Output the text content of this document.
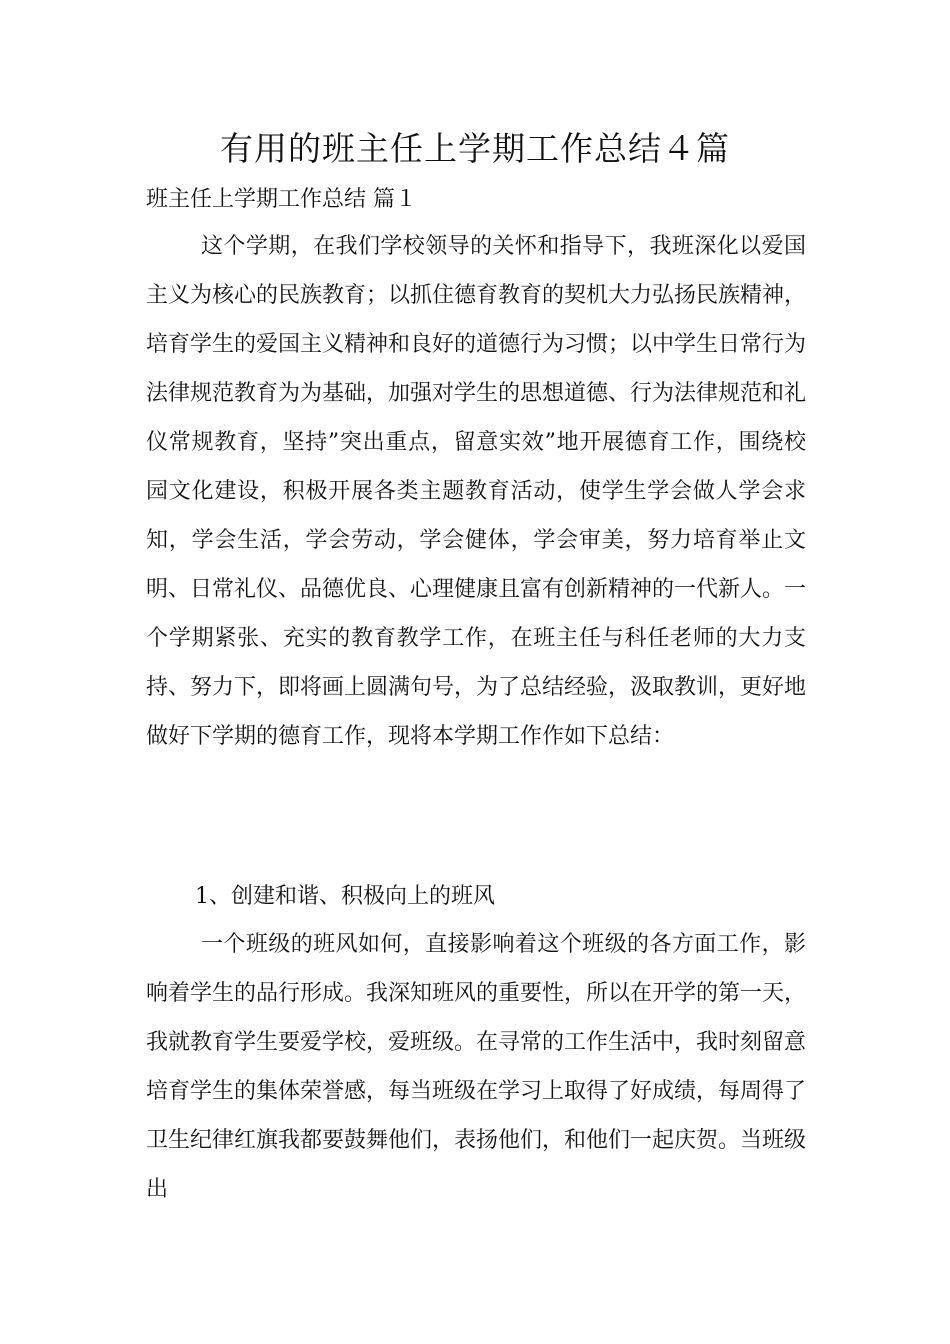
有用的班主任上学期工作总结４篇
班主任上学期工作总结 篇１
这个学期，在我们学校领导的关怀和指导下，我班深化以爱国主义为核心的民族教育；以抓住德育教育的契机大力弘扬民族精神，培育学生的爱国主义精神和良好的道德行为习惯；以中学生日常行为法律规范教育为为基础，加强对学生的思想道德、行为法律规范和礼仪常规教育，坚持”突出重点，留意实效”地开展德育工作，围绕校园文化建设，积极开展各类主题教育活动，使学生学会做人学会求知，学会生活，学会劳动，学会健体，学会审美，努力培育举止文明、日常礼仪、品德优良、心理健康且富有创新精神的一代新人。一个学期紧张、充实的教育教学工作，在班主任与科任老师的大力支持、努力下，即将画上圆满句号，为了总结经验，汲取教训，更好地做好下学期的德育工作，现将本学期工作作如下总结：
1、创建和谐、积极向上的班风
一个班级的班风如何，直接影响着这个班级的各方面工作，影响着学生的品行形成。我深知班风的重要性，所以在开学的第一天，我就教育学生要爱学校，爱班级。在寻常的工作生活中，我时刻留意培育学生的集体荣誉感，每当班级在学习上取得了好成绩，每周得了卫生纪律红旗我都要鼓舞他们，表扬他们，和他们一起庆贺。当班级出
